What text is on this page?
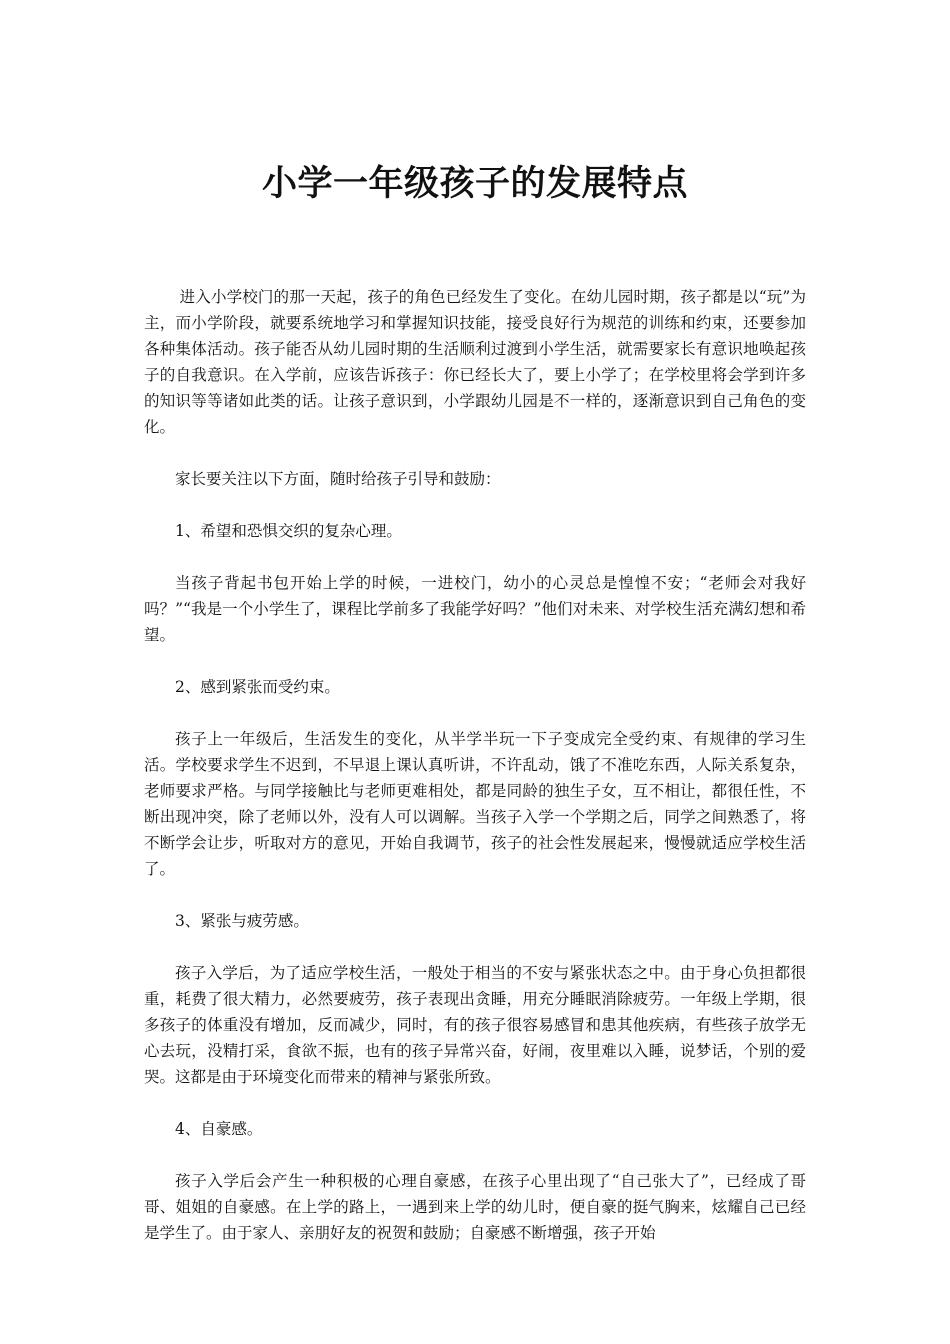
小学一年级孩子的发展特点

进入小学校门的那一天起，孩子的角色已经发生了变化。在幼儿园时期，孩子都是以“玩”为主，而小学阶段，就要系统地学习和掌握知识技能，接受良好行为规范的训练和约束，还要参加各种集体活动。孩子能否从幼儿园时期的生活顺利过渡到小学生活，就需要家长有意识地唤起孩子的自我意识。在入学前，应该告诉孩子：你已经长大了，要上小学了；在学校里将会学到许多的知识等等诸如此类的话。让孩子意识到，小学跟幼儿园是不一样的，逐渐意识到自己角色的变化。

家长要关注以下方面，随时给孩子引导和鼓励：

1、希望和恐惧交织的复杂心理。

当孩子背起书包开始上学的时候，一进校门，幼小的心灵总是惶惶不安；“老师会对我好吗？”“我是一个小学生了，课程比学前多了我能学好吗？”他们对未来、对学校生活充满幻想和希望。

2、感到紧张而受约束。

孩子上一年级后，生活发生的变化，从半学半玩一下子变成完全受约束、有规律的学习生活。学校要求学生不迟到，不早退上课认真听讲，不许乱动，饿了不准吃东西，人际关系复杂，老师要求严格。与同学接触比与老师更难相处，都是同龄的独生子女，互不相让，都很任性，不断出现冲突，除了老师以外，没有人可以调解。当孩子入学一个学期之后，同学之间熟悉了，将不断学会让步，听取对方的意见，开始自我调节，孩子的社会性发展起来，慢慢就适应学校生活了。

3、紧张与疲劳感。

孩子入学后，为了适应学校生活，一般处于相当的不安与紧张状态之中。由于身心负担都很重，耗费了很大精力，必然要疲劳，孩子表现出贪睡，用充分睡眠消除疲劳。一年级上学期，很多孩子的体重没有增加，反而减少，同时，有的孩子很容易感冒和患其他疾病，有些孩子放学无心去玩，没精打采，食欲不振，也有的孩子异常兴奋，好闹，夜里难以入睡，说梦话，个别的爱哭。这都是由于环境变化而带来的精神与紧张所致。

4、自豪感。

孩子入学后会产生一种积极的心理自豪感，在孩子心里出现了“自己张大了”，已经成了哥哥、姐姐的自豪感。在上学的路上，一遇到来上学的幼儿时，便自豪的挺气胸来，炫耀自己已经是学生了。由于家人、亲朋好友的祝贺和鼓励；自豪感不断增强，孩子开始
